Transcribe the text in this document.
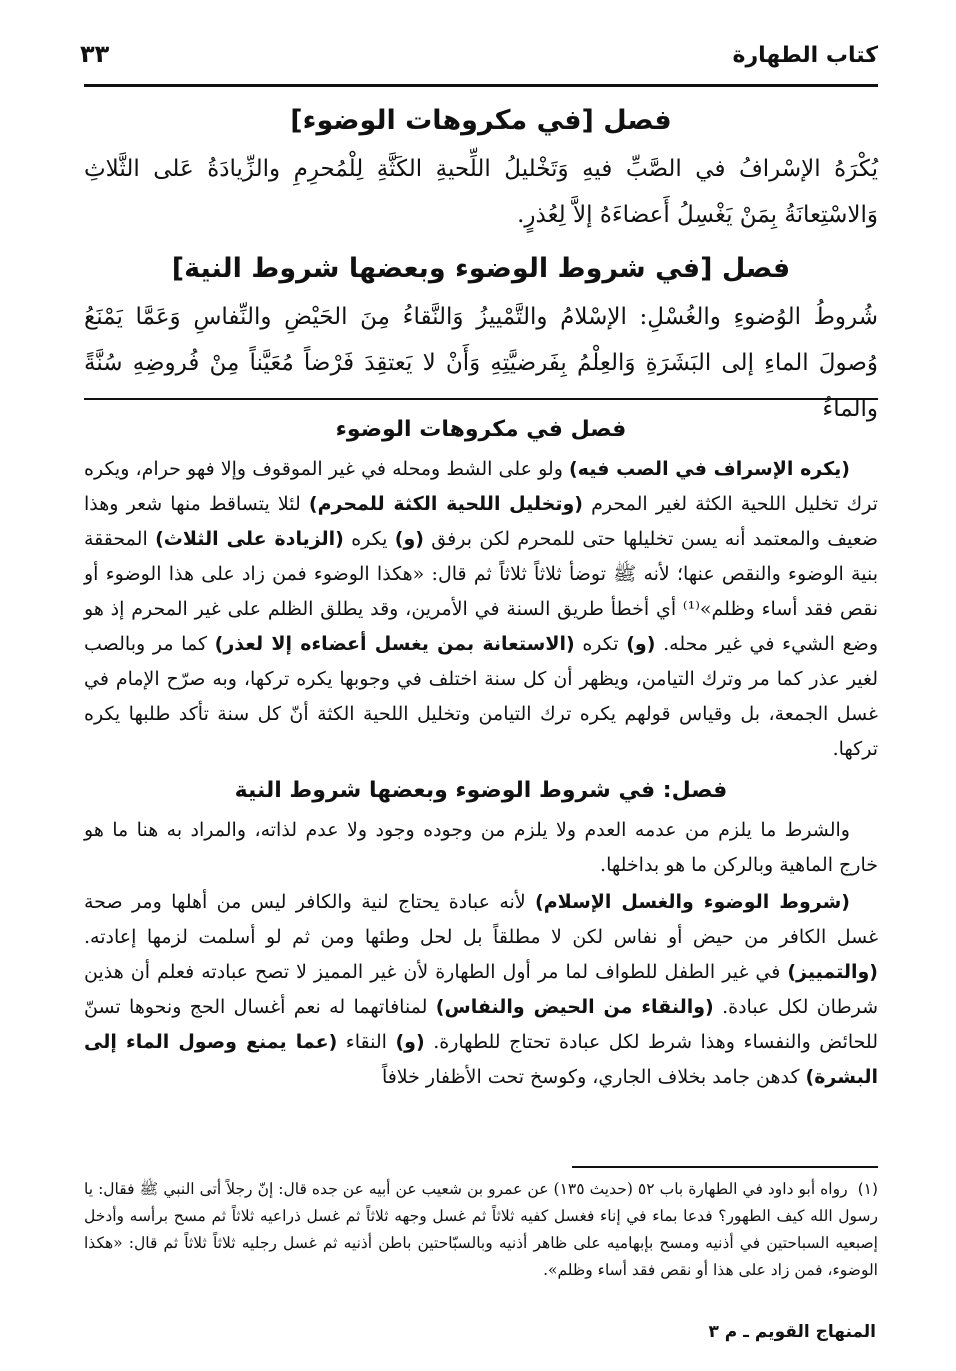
كتاب الطهارة
٣٣
فصل [في مكروهات الوضوء]

يُكْرَهُ الإسْرافُ في الصَّبِّ فيهِ وَتَخْليلُ اللِّحيةِ الكَثَّةِ لِلْمُحرِمِ والزِّيادَةُ عَلى الثَّلاثِ وَالاسْتِعانَةُ بِمَنْ يَغْسِلُ أَعضاءَهُ إلاَّ لِعُذرٍ.

فصل [في شروط الوضوء وبعضها شروط النية]

شُروطُ الوُضوءِ والغُسْلِ: الإسْلامُ والتَّمْييزُ وَالنَّقاءُ مِنَ الحَيْضِ والنِّفاسِ وَعَمَّا يَمْنَعُ وُصولَ الماءِ إلى البَشَرَةِ وَالعِلْمُ بِفَرضيَّتِهِ وَأَنْ لا يَعتقِدَ فَرْضاً مُعَيَّناً مِنْ فُروضِهِ سُنَّةً والماءُ

فصل في مكروهات الوضوء

(يكره الإسراف في الصب فيه) ولو على الشط ومحله في غير الموقوف وإلا فهو حرام، ويكره ترك تخليل اللحية الكثة لغير المحرم (وتخليل اللحية الكثة للمحرم) لئلا يتساقط منها شعر وهذا ضعيف والمعتمد أنه يسن تخليلها حتى للمحرم لكن برفق (و) يكره (الزيادة على الثلاث) المحققة بنية الوضوء والنقص عنها؛ لأنه ﷺ توضأ ثلاثاً ثلاثاً ثم قال: «هكذا الوضوء فمن زاد على هذا الوضوء أو نقص فقد أساء وظلم»⁽¹⁾ أي أخطأ طريق السنة في الأمرين، وقد يطلق الظلم على غير المحرم إذ هو وضع الشيء في غير محله. (و) تكره (الاستعانة بمن يغسل أعضاءه إلا لعذر) كما مر وبالصب لغير عذر كما مر وترك التيامن، ويظهر أن كل سنة اختلف في وجوبها يكره تركها، وبه صرّح الإمام في غسل الجمعة، بل وقياس قولهم يكره ترك التيامن وتخليل اللحية الكثة أنّ كل سنة تأكد طلبها يكره تركها.

فصل: في شروط الوضوء وبعضها شروط النية

والشرط ما يلزم من عدمه العدم ولا يلزم من وجوده وجود ولا عدم لذاته، والمراد به هنا ما هو خارج الماهية وبالركن ما هو بداخلها.

(شروط الوضوء والغسل الإسلام) لأنه عبادة يحتاج لنية والكافر ليس من أهلها ومر صحة غسل الكافر من حيض أو نفاس لكن لا مطلقاً بل لحل وطئها ومن ثم لو أسلمت لزمها إعادته. (والتمييز) في غير الطفل للطواف لما مر أول الطهارة لأن غير المميز لا تصح عبادته فعلم أن هذين شرطان لكل عبادة. (والنقاء من الحيض والنفاس) لمنافاتهما له نعم أغسال الحج ونحوها تسنّ للحائض والنفساء وهذا شرط لكل عبادة تحتاج للطهارة. (و) النقاء (عما يمنع وصول الماء إلى البشرة) كدهن جامد بخلاف الجاري، وكوسخ تحت الأظفار خلافاً

(١)رواه أبو داود في الطهارة باب ٥٢ (حديث ١٣٥) عن عمرو بن شعيب عن أبيه عن جده قال: إنّ رجلاً أتى النبي ﷺ فقال: يا رسول الله كيف الطهور؟ فدعا بماء في إناء فغسل كفيه ثلاثاً ثم غسل وجهه ثلاثاً ثم غسل ذراعيه ثلاثاً ثم مسح برأسه وأدخل إصبعيه السباحتين في أذنيه ومسح بإبهاميه على ظاهر أذنيه وبالسبّاحتين باطن أذنيه ثم غسل رجليه ثلاثاً ثلاثاً ثم قال: «هكذا الوضوء، فمن زاد على هذا أو نقص فقد أساء وظلم».
المنهاج القويم ـ م ٣
